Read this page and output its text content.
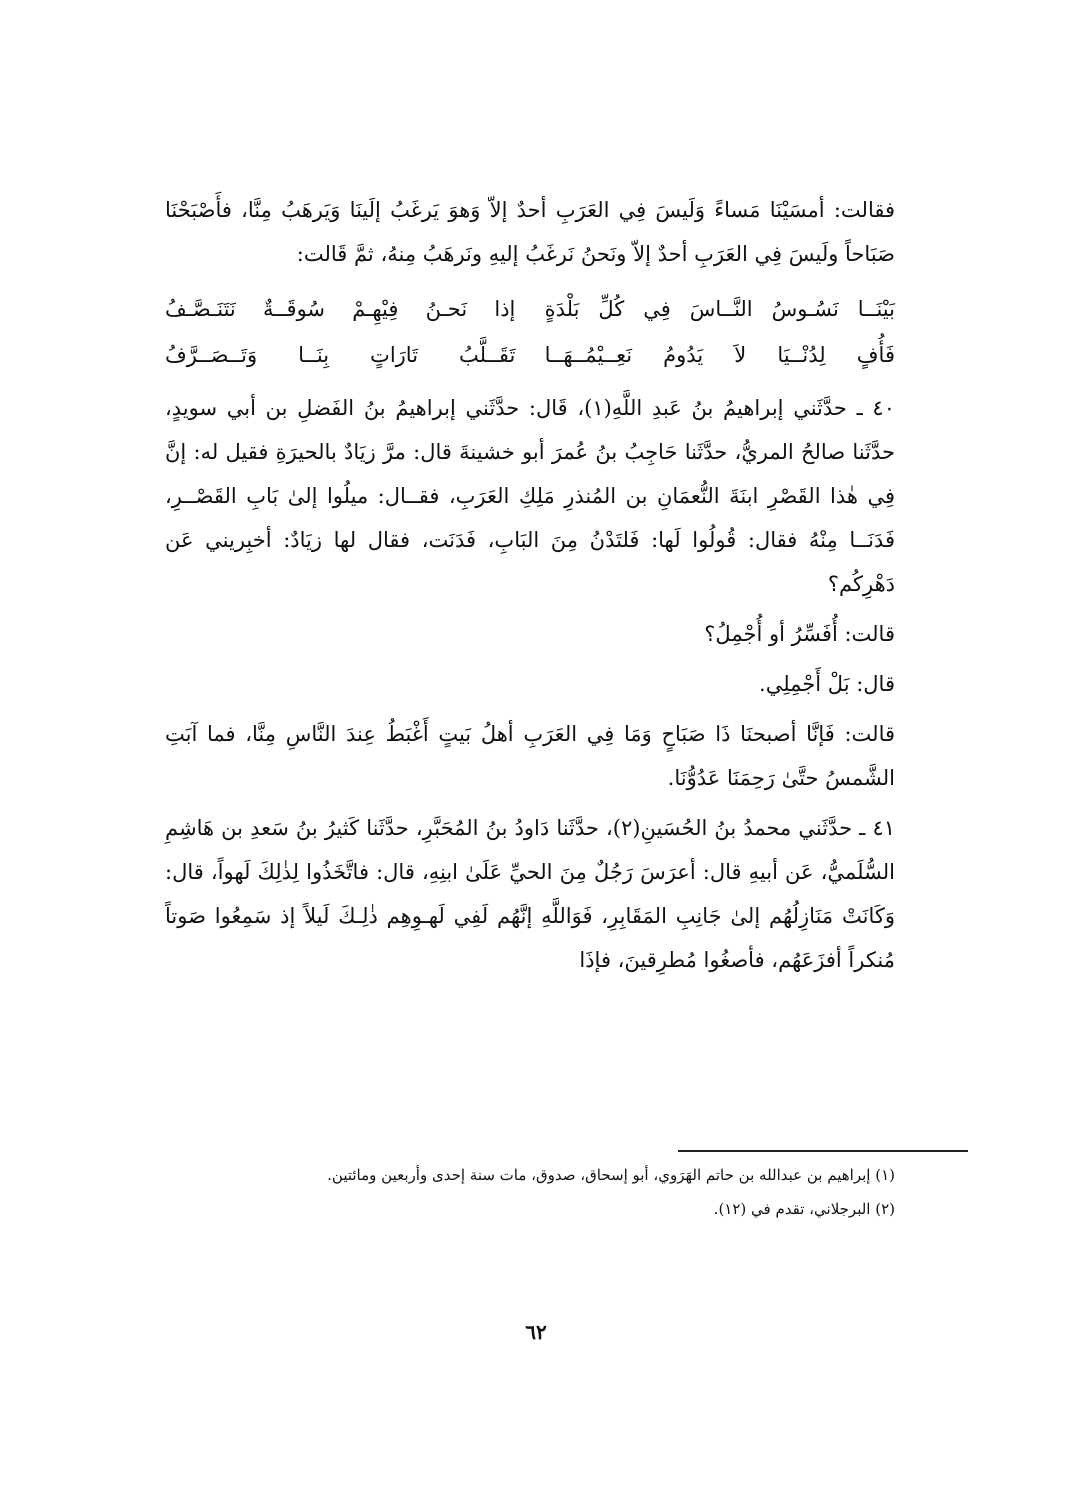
فقالت: أمسَيْنَا مَساءً وَلَيسَ فِي العَرَبِ أحدٌ إلاّ وَهوَ يَرغَبُ إلَينَا وَيَرهَبُ مِنَّا، فأَصْبَحْنَا صَبَاحاً ولَيسَ فِي العَرَبِ أحدٌ إلاّ ونَحنُ نَرغَبُ إليهِ ونَرهَبُ مِنهُ، ثمَّ قَالت:

بَيْنَــا نَسُـوسُ النَّــاسَ فِي كُلِّ بَلْدَةٍ
إذا نَحـنُ فِيْهِـمْ سُوقَــةٌ نَتَنَـصَّـفُ
فَأُفٍ لِدُنْــيَا لاَ يَدُومُ نَعِــيْمُــهَــا
تَقَــلَّبُ تَارَاتٍ بِنَــا وَتَــصَــرَّفُ

٤٠ ـ حدَّثَني إبراهيمُ بنُ عَبدِ اللَّهِ(١)، قَال: حدَّثَني إبراهيمُ بنُ الفَضلِ بن أبي سويدٍ، حدَّثَنا صالحُ المريُّ، حدَّثَنا حَاجِبُ بنُ عُمرَ أبو خشينةَ قال: مرَّ زيَادٌ بالحيرَةِ فقيل له: إنَّ فِي هٰذا القَصْرِ ابنَةَ النُّعمَانِ بن المُنذرِ مَلِكِ العَرَبِ، فقــال: ميلُوا إلىٰ بَابِ القَصْــرِ، فَدَنَــا مِنْهُ فقال: قُولُوا لَها: فَلتَدْنُ مِنَ البَابِ، فَدَنَت، فقال لها زيَادٌ: أخبِريني عَن دَهْرِكُم؟

قالت: أُفَسِّرُ أو أُجْمِلُ؟

قال: بَلْ أَجْمِلِي.

قالت: فَإنَّا أصبحنَا ذَا صَبَاحٍ وَمَا فِي العَرَبِ أهلُ بَيتٍ أَغْبَطُ عِندَ النَّاسِ مِنَّا، فما آبَتِ الشَّمسُ حتَّىٰ رَحِمَنَا عَدُوُّنَا.

٤١ ـ حدَّثَني محمدُ بنُ الحُسَينِ(٢)، حدَّثَنا دَاودُ بنُ المُحَبَّرِ، حدَّثَنا كَثيرُ بنُ سَعدِ بن هَاشِمِ السُّلَميُّ، عَن أبيهِ قال: أعرَسَ رَجُلٌ مِنَ الحيِّ عَلَىٰ ابنِهِ، قال: فاتَّخَذُوا لِذٰلِكَ لَهواً، قال: وَكَانَتْ مَنَازِلُهُم إلىٰ جَانِبِ المَقَابِرِ، فَوَاللَّهِ إنَّهُم لَفِي لَهـوِهِم ذٰلِـكَ لَيلاً إذ سَمِعُوا صَوتاً مُنكراً أفزَعَهُم، فأصغُوا مُطرِقينَ، فإذَا

(١) إبراهيم بن عبدالله بن حاتم الهَرَوي، أبو إسحاق، صدوق، مات سنة إحدى وأربعين ومائتين.

(٢) البرجلاني، تقدم في (١٢).

٦٢
